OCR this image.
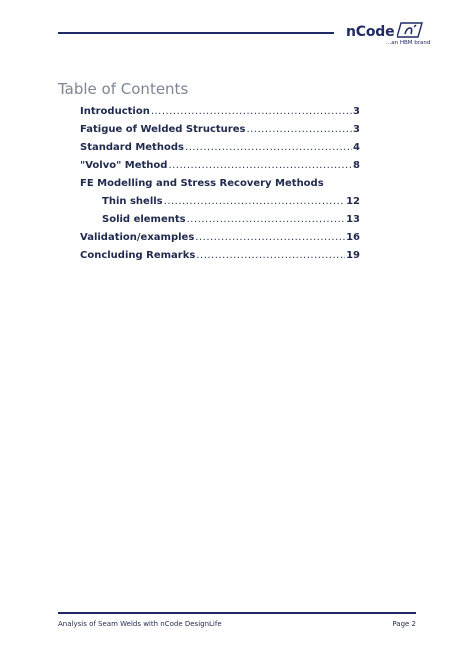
nCode
...an HBM brand
Table of Contents
Introduction .....	3
Fatigue of Welded Structures .....	3
Standard Methods .....	4
"Volvo" Method .....	8
FE Modelling and Stress Recovery Methods
Thin shells .....	12
Solid elements .....	13
Validation/examples .....	16
Concluding Remarks .....	19
Analysis of Seam Welds with nCode DesignLife	Page 2
